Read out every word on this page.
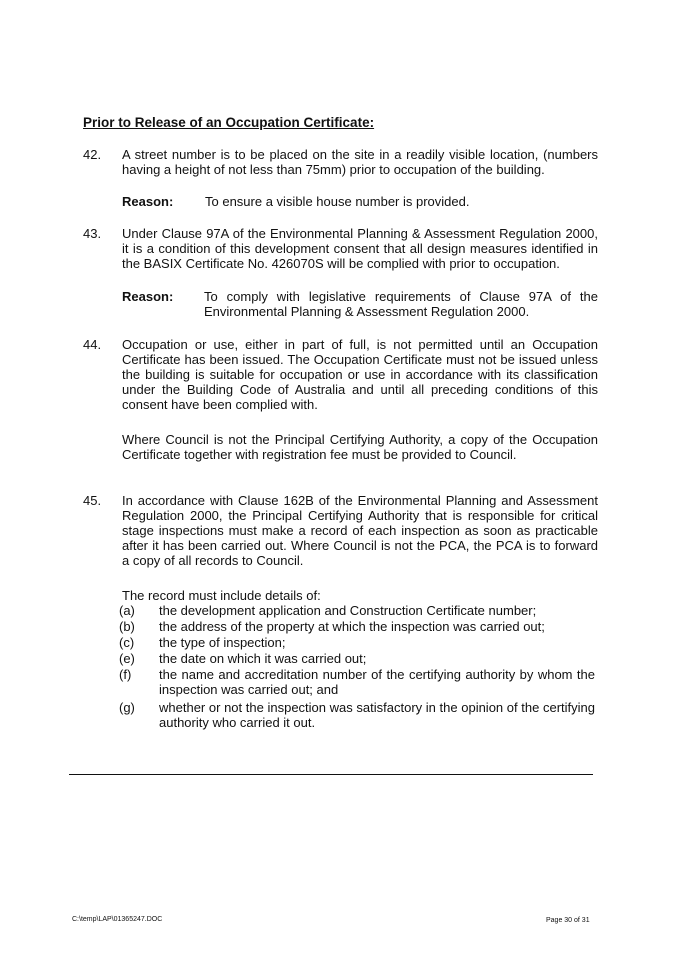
Prior to Release of an Occupation Certificate:
42.	A street number is to be placed on the site in a readily visible location, (numbers having a height of not less than 75mm) prior to occupation of the building.
Reason: To ensure a visible house number is provided.
43.	Under Clause 97A of the Environmental Planning & Assessment Regulation 2000, it is a condition of this development consent that all design measures identified in the BASIX Certificate No. 426070S will be complied with prior to occupation.
Reason: To comply with legislative requirements of Clause 97A of the Environmental Planning & Assessment Regulation 2000.
44.	Occupation or use, either in part of full, is not permitted until an Occupation Certificate has been issued. The Occupation Certificate must not be issued unless the building is suitable for occupation or use in accordance with its classification under the Building Code of Australia and until all preceding conditions of this consent have been complied with.
Where Council is not the Principal Certifying Authority, a copy of the Occupation Certificate together with registration fee must be provided to Council.
45.	In accordance with Clause 162B of the Environmental Planning and Assessment Regulation 2000, the Principal Certifying Authority that is responsible for critical stage inspections must make a record of each inspection as soon as practicable after it has been carried out. Where Council is not the PCA, the PCA is to forward a copy of all records to Council.
The record must include details of:
(a) the development application and Construction Certificate number;
(b) the address of the property at which the inspection was carried out;
(c) the type of inspection;
(e) the date on which it was carried out;
(f) the name and accreditation number of the certifying authority by whom the inspection was carried out; and
(g) whether or not the inspection was satisfactory in the opinion of the certifying authority who carried it out.
C:\temp\LAP\01365247.DOC	Page 30 of 31
